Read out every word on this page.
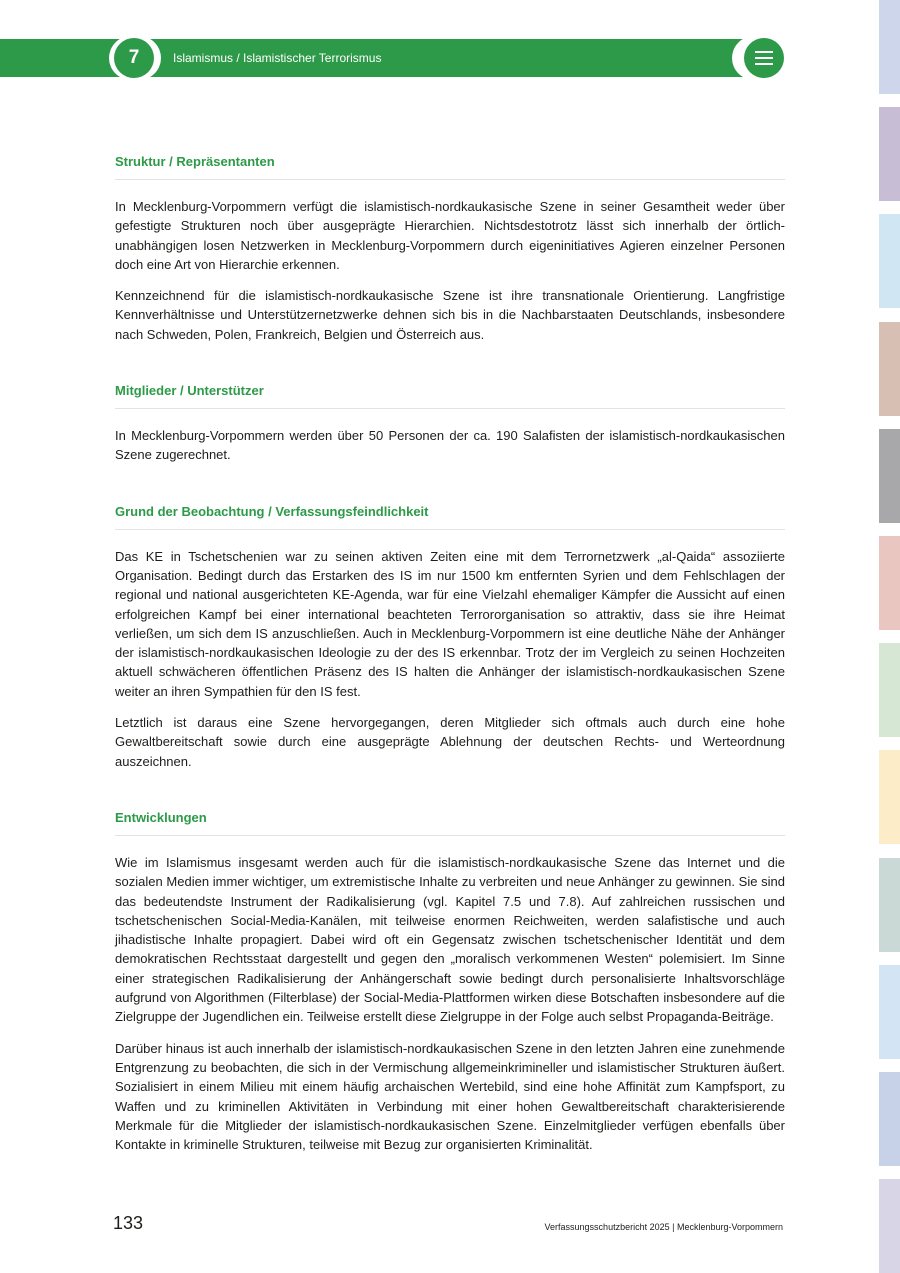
7	Islamismus / Islamistischer Terrorismus
Struktur / Repräsentanten

In Mecklenburg-Vorpommern verfügt die islamistisch-nordkaukasische Szene in seiner Gesamtheit weder über gefestigte Strukturen noch über ausgeprägte Hierarchien. Nichtsdestotrotz lässt sich innerhalb der örtlich-unabhängigen losen Netzwerken in Mecklenburg-Vorpommern durch eigeninitiatives Agieren einzelner Personen doch eine Art von Hierarchie erkennen.

Kennzeichnend für die islamistisch-nordkaukasische Szene ist ihre transnationale Orientierung. Langfristige Kennverhältnisse und Unterstützernetzwerke dehnen sich bis in die Nachbarstaaten Deutschlands, insbesondere nach Schweden, Polen, Frankreich, Belgien und Österreich aus.

Mitglieder / Unterstützer

In Mecklenburg-Vorpommern werden über 50 Personen der ca. 190 Salafisten der islamistisch-nordkaukasischen Szene zugerechnet.

Grund der Beobachtung / Verfassungsfeindlichkeit

Das KE in Tschetschenien war zu seinen aktiven Zeiten eine mit dem Terrornetzwerk „al-Qaida“ assoziierte Organisation. Bedingt durch das Erstarken des IS im nur 1500 km entfernten Syrien und dem Fehlschlagen der regional und national ausgerichteten KE-Agenda, war für eine Vielzahl ehemaliger Kämpfer die Aussicht auf einen erfolgreichen Kampf bei einer international beachteten Terrororganisation so attraktiv, dass sie ihre Heimat verließen, um sich dem IS anzuschließen. Auch in Mecklenburg-Vorpommern ist eine deutliche Nähe der Anhänger der islamistisch-nordkaukasischen Ideologie zu der des IS erkennbar. Trotz der im Vergleich zu seinen Hochzeiten aktuell schwächeren öffentlichen Präsenz des IS halten die Anhänger der islamistisch-nordkaukasischen Szene weiter an ihren Sympathien für den IS fest.

Letztlich ist daraus eine Szene hervorgegangen, deren Mitglieder sich oftmals auch durch eine hohe Gewaltbereitschaft sowie durch eine ausgeprägte Ablehnung der deutschen Rechts- und Werteordnung auszeichnen.

Entwicklungen

Wie im Islamismus insgesamt werden auch für die islamistisch-nordkaukasische Szene das Internet und die sozialen Medien immer wichtiger, um extremistische Inhalte zu verbreiten und neue Anhänger zu gewinnen. Sie sind das bedeutendste Instrument der Radikalisierung (vgl. Kapitel 7.5 und 7.8). Auf zahlreichen russischen und tschetschenischen Social-Media-Kanälen, mit teilweise enormen Reichweiten, werden salafistische und auch jihadistische Inhalte propagiert. Dabei wird oft ein Gegensatz zwischen tschetschenischer Identität und dem demokratischen Rechtsstaat dargestellt und gegen den „moralisch verkommenen Westen“ polemisiert. Im Sinne einer strategischen Radikalisierung der Anhängerschaft sowie bedingt durch personalisierte Inhaltsvorschläge aufgrund von Algorithmen (Filterblase) der Social-Media-Plattformen wirken diese Botschaften insbesondere auf die Zielgruppe der Jugendlichen ein. Teilweise erstellt diese Zielgruppe in der Folge auch selbst Propaganda-Beiträge.

Darüber hinaus ist auch innerhalb der islamistisch-nordkaukasischen Szene in den letzten Jahren eine zunehmende Entgrenzung zu beobachten, die sich in der Vermischung allgemeinkrimineller und islamistischer Strukturen äußert. Sozialisiert in einem Milieu mit einem häufig archaischen Wertebild, sind eine hohe Affinität zum Kampfsport, zu Waffen und zu kriminellen Aktivitäten in Verbindung mit einer hohen Gewaltbereitschaft charakterisierende Merkmale für die Mitglieder der islamistisch-nordkaukasischen Szene. Einzelmitglieder verfügen ebenfalls über Kontakte in kriminelle Strukturen, teilweise mit Bezug zur organisierten Kriminalität.

133	Verfassungsschutzbericht 2025 | Mecklenburg-Vorpommern
